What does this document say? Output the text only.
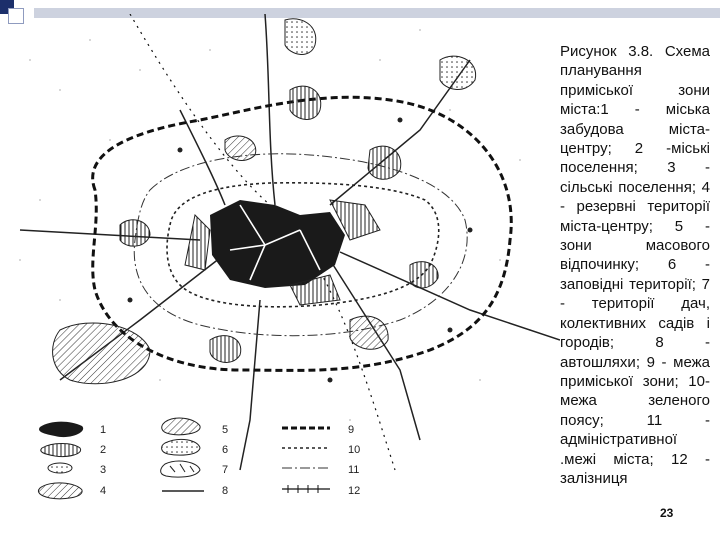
1
2
3
4
5
6
7
8
9
10
11
12
Рисунок 3.8. Схема планування приміської зони міста:1 - міська забудова міста-центру; 2 -міські поселення; 3 - сільські поселення; 4 - резервні території міста-центру; 5 - зони масового відпочинку; 6 - заповідні території; 7 - території дач, колективних садів і городів; 8 - автошляхи; 9 - межа приміської зони; 10-межа зеленого поясу; 11 - адміністративної .межі міста; 12 - залізниця
23
